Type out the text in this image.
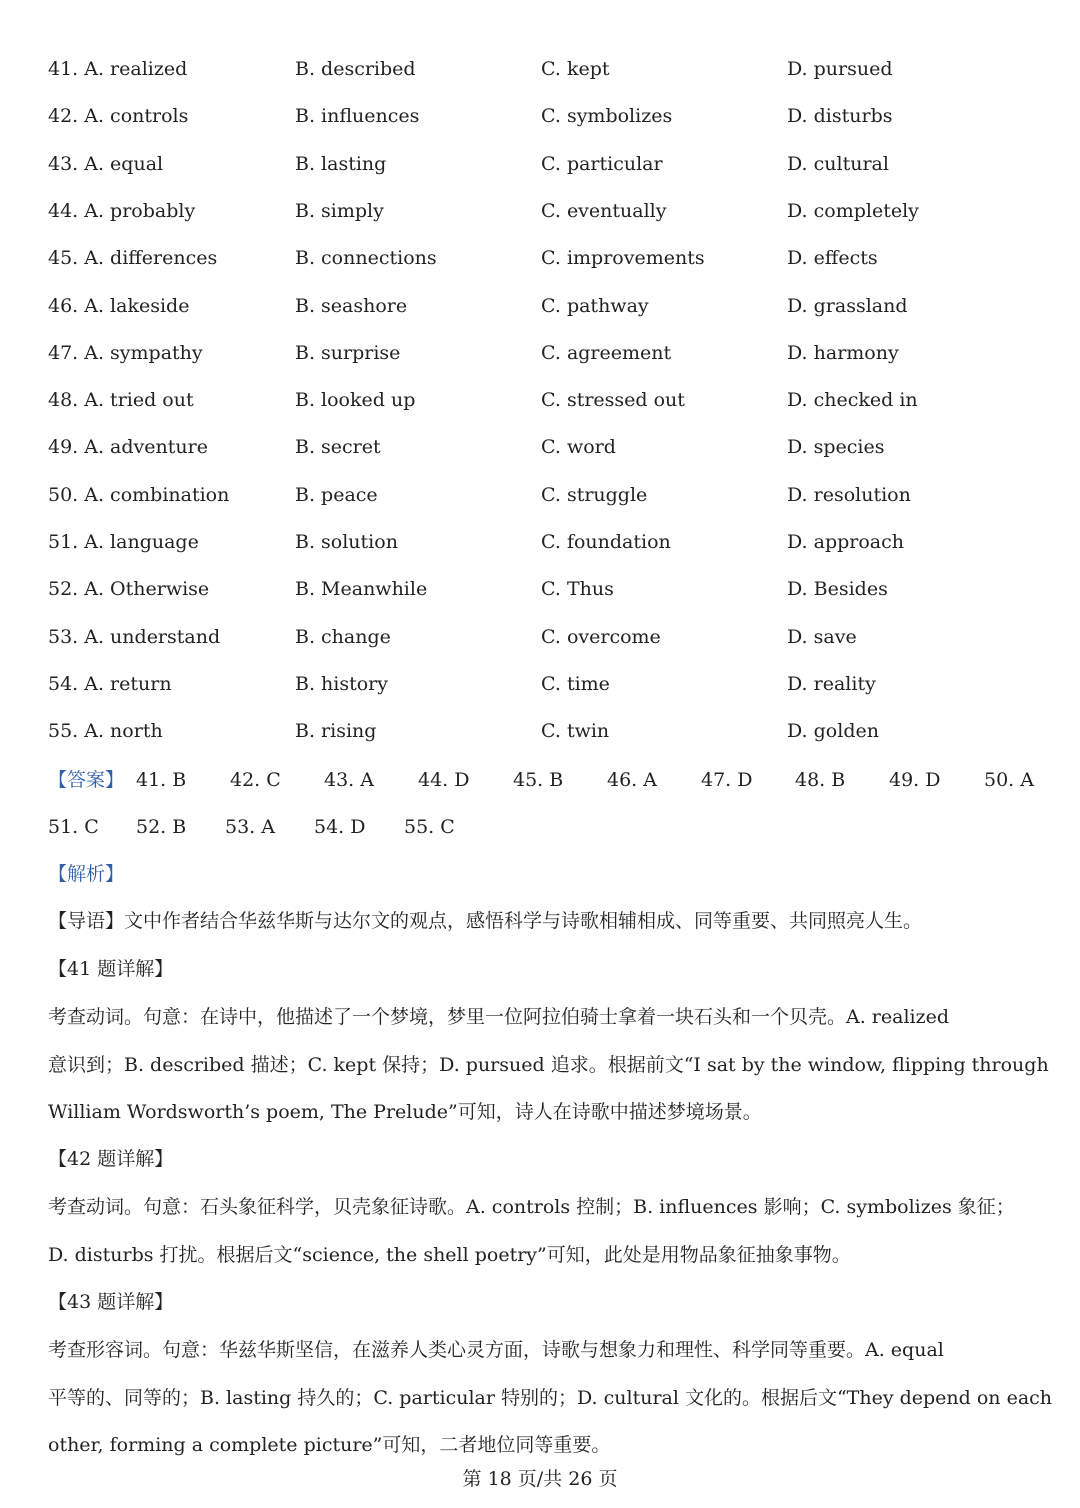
41. A. realized	B. described	C. kept	D. pursued
42. A. controls	B. influences	C. symbolizes	D. disturbs
43. A. equal	B. lasting	C. particular	D. cultural
44. A. probably	B. simply	C. eventually	D. completely
45. A. differences	B. connections	C. improvements	D. effects
46. A. lakeside	B. seashore	C. pathway	D. grassland
47. A. sympathy	B. surprise	C. agreement	D. harmony
48. A. tried out	B. looked up	C. stressed out	D. checked in
49. A. adventure	B. secret	C. word	D. species
50. A. combination	B. peace	C. struggle	D. resolution
51. A. language	B. solution	C. foundation	D. approach
52. A. Otherwise	B. Meanwhile	C. Thus	D. Besides
53. A. understand	B. change	C. overcome	D. save
54. A. return	B. history	C. time	D. reality
55. A. north	B. rising	C. twin	D. golden
【答案】 41. B 42. C 43. A 44. D 45. B 46. A 47. D 48. B 49. D 50. A
51. C 52. B 53. A 54. D 55. C
【解析】
【导语】文中作者结合华兹华斯与达尔文的观点，感悟科学与诗歌相辅相成、同等重要、共同照亮人生。
【41 题详解】
考查动词。句意：在诗中，他描述了一个梦境，梦里一位阿拉伯骑士拿着一块石头和一个贝壳。A. realized
意识到；B. described 描述；C. kept 保持；D. pursued 追求。根据前文“I sat by the window, flipping through
William Wordsworth’s poem, The Prelude”可知，诗人在诗歌中描述梦境场景。
【42 题详解】
考查动词。句意：石头象征科学，贝壳象征诗歌。A. controls 控制；B. influences 影响；C. symbolizes 象征；
D. disturbs 打扰。根据后文“science, the shell poetry”可知，此处是用物品象征抽象事物。
【43 题详解】
考查形容词。句意：华兹华斯坚信，在滋养人类心灵方面，诗歌与想象力和理性、科学同等重要。A. equal
平等的、同等的；B. lasting 持久的；C. particular 特别的；D. cultural 文化的。根据后文“They depend on each
other, forming a complete picture”可知，二者地位同等重要。
第 18 页/共 26 页
